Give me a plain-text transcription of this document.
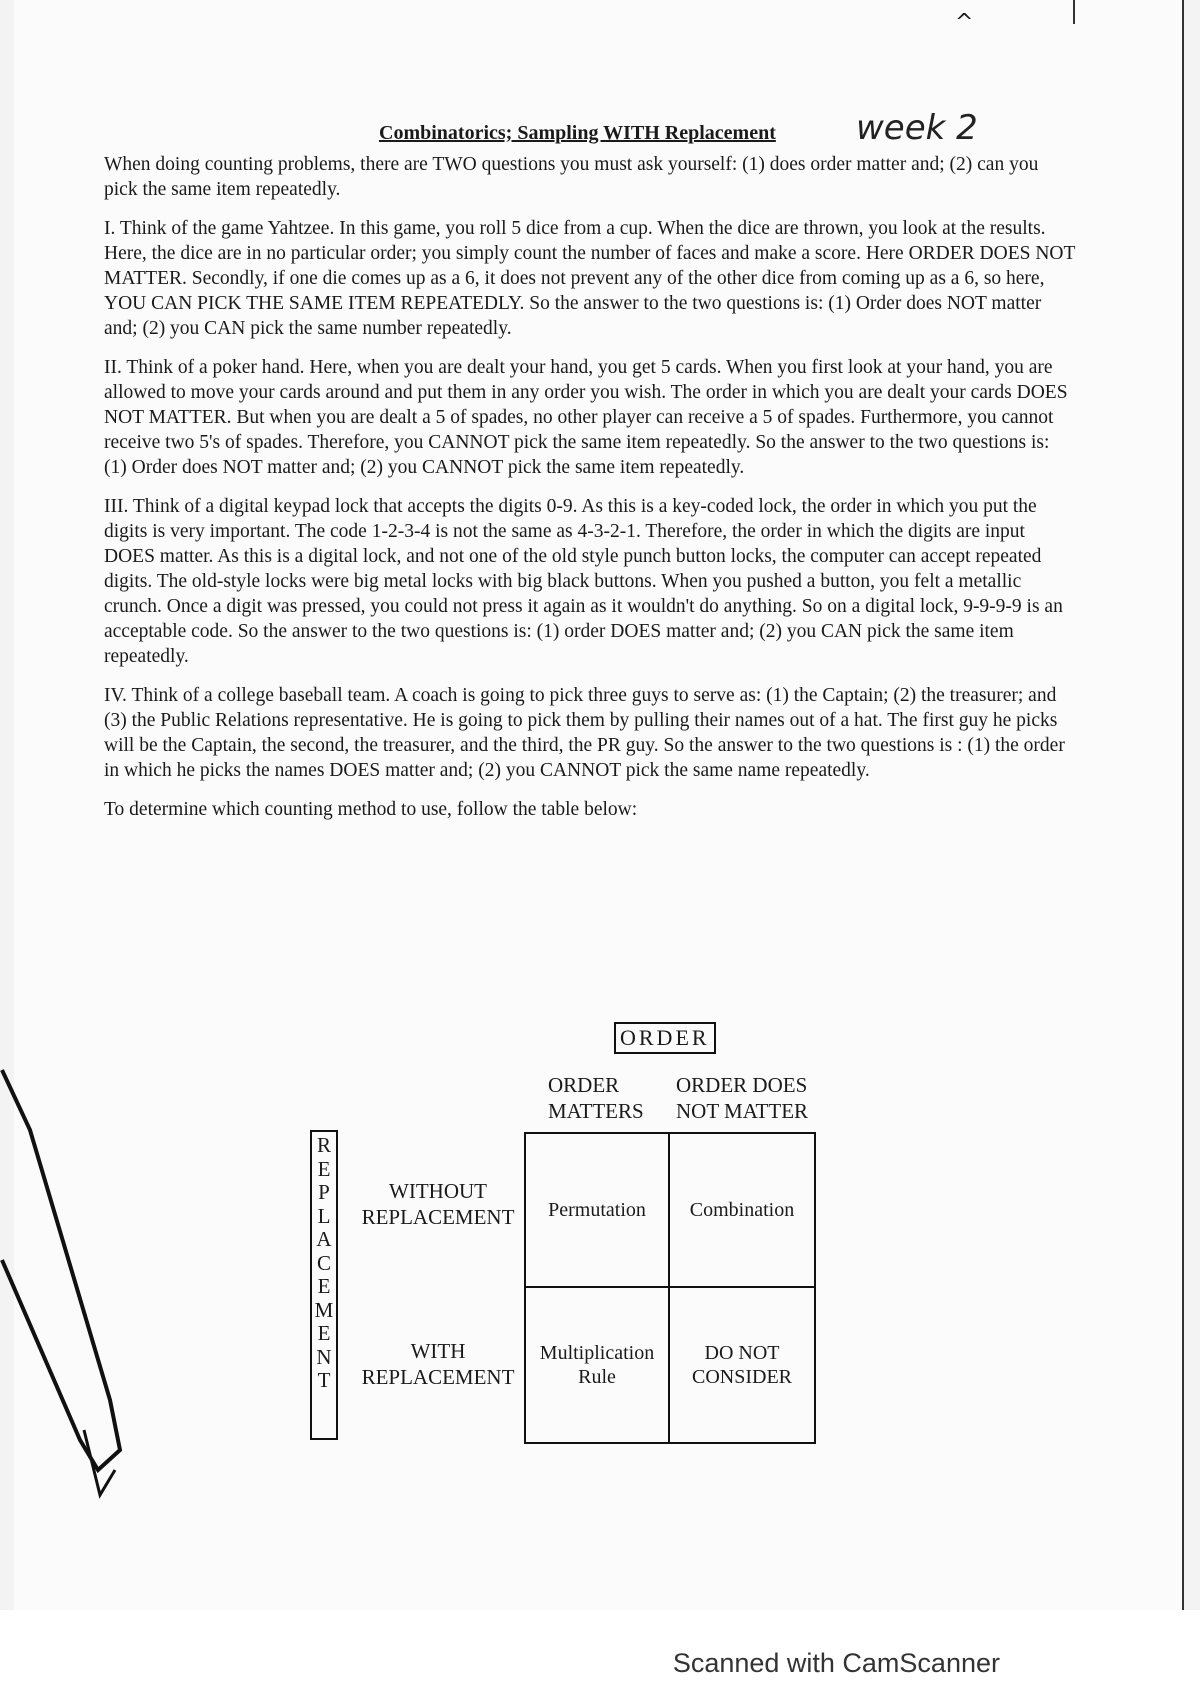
^
Combinatorics; Sampling WITH Replacement week 2

When doing counting problems, there are TWO questions you must ask yourself: (1) does order matter and; (2) can you pick the same item repeatedly.

I. Think of the game Yahtzee. In this game, you roll 5 dice from a cup. When the dice are thrown, you look at the results. Here, the dice are in no particular order; you simply count the number of faces and make a score. Here ORDER DOES NOT MATTER. Secondly, if one die comes up as a 6, it does not prevent any of the other dice from coming up as a 6, so here, YOU CAN PICK THE SAME ITEM REPEATEDLY. So the answer to the two questions is: (1) Order does NOT matter and; (2) you CAN pick the same number repeatedly.

II. Think of a poker hand. Here, when you are dealt your hand, you get 5 cards. When you first look at your hand, you are allowed to move your cards around and put them in any order you wish. The order in which you are dealt your cards DOES NOT MATTER. But when you are dealt a 5 of spades, no other player can receive a 5 of spades. Furthermore, you cannot receive two 5's of spades. Therefore, you CANNOT pick the same item repeatedly. So the answer to the two questions is: (1) Order does NOT matter and; (2) you CANNOT pick the same item repeatedly.

III. Think of a digital keypad lock that accepts the digits 0-9. As this is a key-coded lock, the order in which you put the digits is very important. The code 1-2-3-4 is not the same as 4-3-2-1. Therefore, the order in which the digits are input DOES matter. As this is a digital lock, and not one of the old style punch button locks, the computer can accept repeated digits. The old-style locks were big metal locks with big black buttons. When you pushed a button, you felt a metallic crunch. Once a digit was pressed, you could not press it again as it wouldn't do anything. So on a digital lock, 9-9-9-9 is an acceptable code. So the answer to the two questions is: (1) order DOES matter and; (2) you CAN pick the same item repeatedly.

IV. Think of a college baseball team. A coach is going to pick three guys to serve as: (1) the Captain; (2) the treasurer; and (3) the Public Relations representative. He is going to pick them by pulling their names out of a hat. The first guy he picks will be the Captain, the second, the treasurer, and the third, the PR guy. So the answer to the two questions is : (1) the order in which he picks the names DOES matter and; (2) you CANNOT pick the same name repeatedly.

To determine which counting method to use, follow the table below:

ORDER
ORDER MATTERS
ORDER DOES NOT MATTER
R
E
P
L
A
C
E
M
E
N
T
WITHOUT REPLACEMENT
WITH REPLACEMENT
Permutation	Combination
Multiplication Rule
DO NOT CONSIDER
Scanned with CamScanner
